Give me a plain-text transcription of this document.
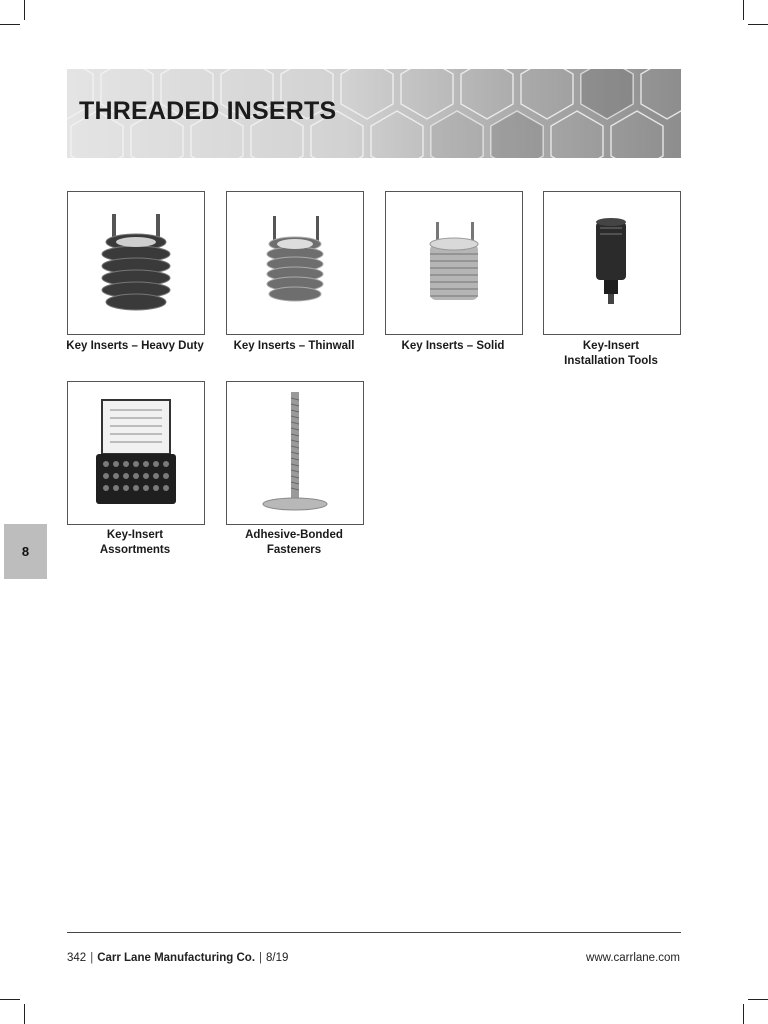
THREADED INSERTS

Key Inserts – Heavy Duty	Key Inserts – Thinwall	Key Inserts – Solid	Key-Insert
Installation Tools

Key-Insert
Assortments

Adhesive-Bonded
Fasteners

8
342 | Carr Lane Manufacturing Co. | 8/19	www.carrlane.com
